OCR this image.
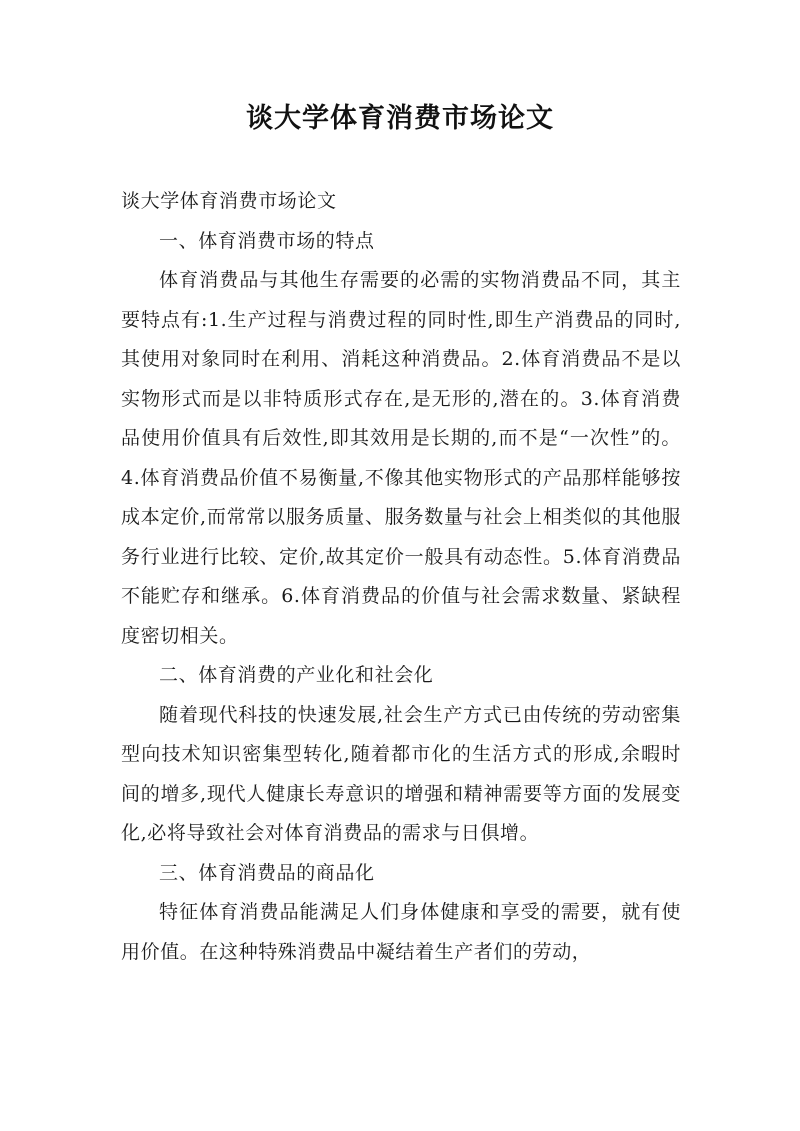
谈大学体育消费市场论文

谈大学体育消费市场论文

一、体育消费市场的特点

体育消费品与其他生存需要的必需的实物消费品不同，其主要特点有:1.生产过程与消费过程的同时性,即生产消费品的同时,其使用对象同时在利用、消耗这种消费品。2.体育消费品不是以实物形式而是以非特质形式存在,是无形的,潜在的。3.体育消费品使用价值具有后效性,即其效用是长期的,而不是“一次性”的。4.体育消费品价值不易衡量,不像其他实物形式的产品那样能够按成本定价,而常常以服务质量、服务数量与社会上相类似的其他服务行业进行比较、定价,故其定价一般具有动态性。5.体育消费品不能贮存和继承。6.体育消费品的价值与社会需求数量、紧缺程度密切相关。

二、体育消费的产业化和社会化

随着现代科技的快速发展,社会生产方式已由传统的劳动密集型向技术知识密集型转化,随着都市化的生活方式的形成,余暇时间的增多,现代人健康长寿意识的增强和精神需要等方面的发展变化,必将导致社会对体育消费品的需求与日俱增。

三、体育消费品的商品化

特征体育消费品能满足人们身体健康和享受的需要，就有使用价值。在这种特殊消费品中凝结着生产者们的劳动，
